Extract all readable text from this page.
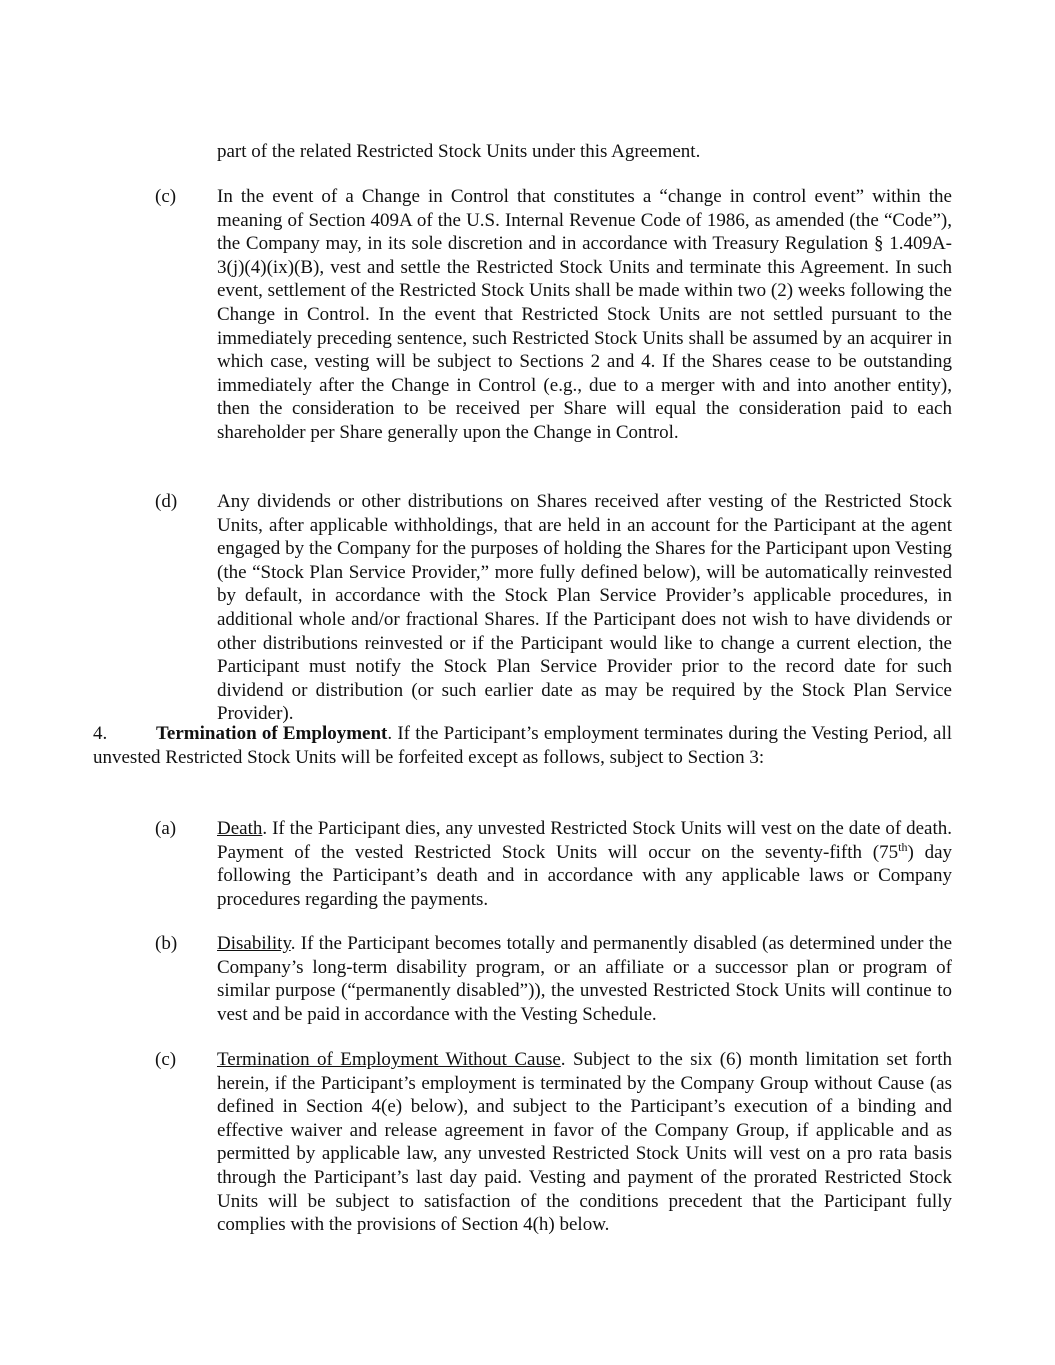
part of the related Restricted Stock Units under this Agreement.

(c) In the event of a Change in Control that constitutes a “change in control event” within the meaning of Section 409A of the U.S. Internal Revenue Code of 1986, as amended (the “Code”), the Company may, in its sole discretion and in accordance with Treasury Regulation § 1.409A-3(j)(4)(ix)(B), vest and settle the Restricted Stock Units and terminate this Agreement. In such event, settlement of the Restricted Stock Units shall be made within two (2) weeks following the Change in Control. In the event that Restricted Stock Units are not settled pursuant to the immediately preceding sentence, such Restricted Stock Units shall be assumed by an acquirer in which case, vesting will be subject to Sections 2 and 4. If the Shares cease to be outstanding immediately after the Change in Control (e.g., due to a merger with and into another entity), then the consideration to be received per Share will equal the consideration paid to each shareholder per Share generally upon the Change in Control.

(d) Any dividends or other distributions on Shares received after vesting of the Restricted Stock Units, after applicable withholdings, that are held in an account for the Participant at the agent engaged by the Company for the purposes of holding the Shares for the Participant upon Vesting (the “Stock Plan Service Provider,” more fully defined below), will be automatically reinvested by default, in accordance with the Stock Plan Service Provider’s applicable procedures, in additional whole and/or fractional Shares. If the Participant does not wish to have dividends or other distributions reinvested or if the Participant would like to change a current election, the Participant must notify the Stock Plan Service Provider prior to the record date for such dividend or distribution (or such earlier date as may be required by the Stock Plan Service Provider).

4.	Termination of Employment. If the Participant’s employment terminates during the Vesting Period, all unvested Restricted Stock Units will be forfeited except as follows, subject to Section 3:

(a) Death. If the Participant dies, any unvested Restricted Stock Units will vest on the date of death. Payment of the vested Restricted Stock Units will occur on the seventy-fifth (75th) day following the Participant’s death and in accordance with any applicable laws or Company procedures regarding the payments.

(b) Disability. If the Participant becomes totally and permanently disabled (as determined under the Company’s long-term disability program, or an affiliate or a successor plan or program of similar purpose (“permanently disabled”)), the unvested Restricted Stock Units will continue to vest and be paid in accordance with the Vesting Schedule.

(c) Termination of Employment Without Cause. Subject to the six (6) month limitation set forth herein, if the Participant’s employment is terminated by the Company Group without Cause (as defined in Section 4(e) below), and subject to the Participant’s execution of a binding and effective waiver and release agreement in favor of the Company Group, if applicable and as permitted by applicable law, any unvested Restricted Stock Units will vest on a pro rata basis through the Participant’s last day paid. Vesting and payment of the prorated Restricted Stock Units will be subject to satisfaction of the conditions precedent that the Participant fully complies with the provisions of Section 4(h) below.
